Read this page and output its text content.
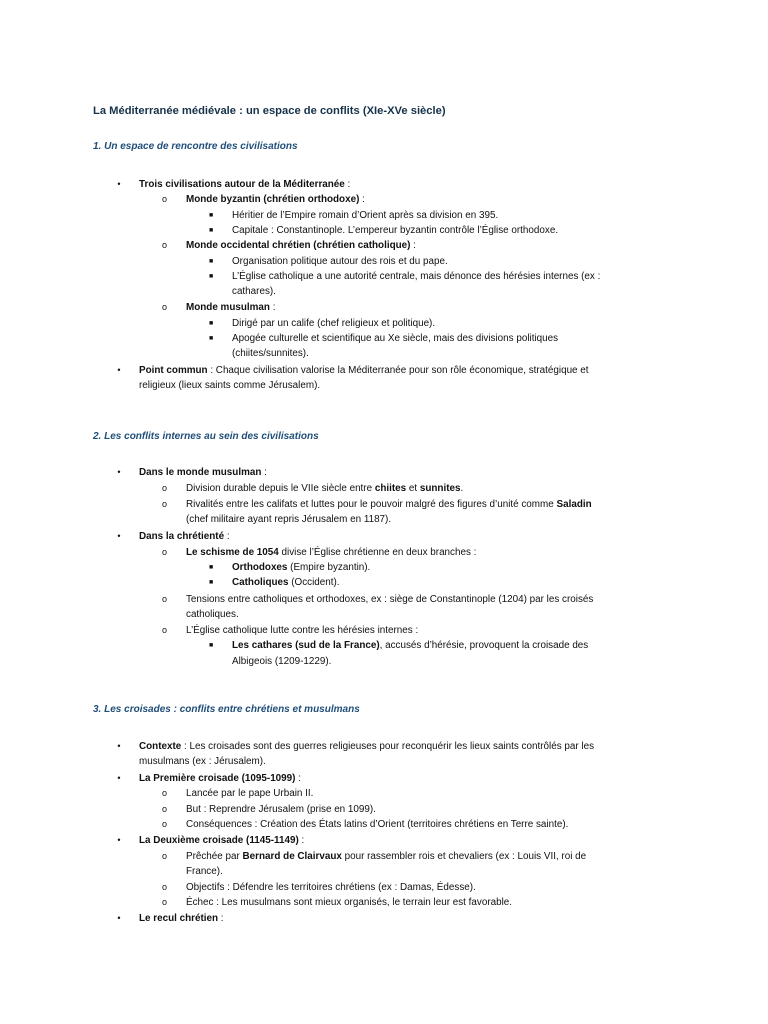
La Méditerranée médiévale : un espace de conflits (XIe-XVe siècle)
1. Un espace de rencontre des civilisations
• Trois civilisations autour de la Méditerranée :
o Monde byzantin (chrétien orthodoxe) :
■ Héritier de l’Empire romain d’Orient après sa division en 395.
■ Capitale : Constantinople. L’empereur byzantin contrôle l’Église orthodoxe.
o Monde occidental chrétien (chrétien catholique) :
■ Organisation politique autour des rois et du pape.
■ L’Église catholique a une autorité centrale, mais dénonce des hérésies internes (ex :
cathares).
o Monde musulman :
■ Dirigé par un calife (chef religieux et politique).
■ Apogée culturelle et scientifique au Xe siècle, mais des divisions politiques
(chiites/sunnites).
• Point commun : Chaque civilisation valorise la Méditerranée pour son rôle économique, stratégique et
religieux (lieux saints comme Jérusalem).
2. Les conflits internes au sein des civilisations
• Dans le monde musulman :
o Division durable depuis le VIIe siècle entre chiites et sunnites.
o Rivalités entre les califats et luttes pour le pouvoir malgré des figures d’unité comme Saladin
(chef militaire ayant repris Jérusalem en 1187).
• Dans la chrétienté :
o Le schisme de 1054 divise l’Église chrétienne en deux branches :
■ Orthodoxes (Empire byzantin).
■ Catholiques (Occident).
o Tensions entre catholiques et orthodoxes, ex : siège de Constantinople (1204) par les croisés
catholiques.
o L’Église catholique lutte contre les hérésies internes :
■ Les cathares (sud de la France), accusés d’hérésie, provoquent la croisade des
Albigeois (1209-1229).
3. Les croisades : conflits entre chrétiens et musulmans
• Contexte : Les croisades sont des guerres religieuses pour reconquérir les lieux saints contrôlés par les
musulmans (ex : Jérusalem).
• La Première croisade (1095-1099) :
o Lancée par le pape Urbain II.
o But : Reprendre Jérusalem (prise en 1099).
o Conséquences : Création des États latins d’Orient (territoires chrétiens en Terre sainte).
• La Deuxième croisade (1145-1149) :
o Prêchée par Bernard de Clairvaux pour rassembler rois et chevaliers (ex : Louis VII, roi de
France).
o Objectifs : Défendre les territoires chrétiens (ex : Damas, Édesse).
o Échec : Les musulmans sont mieux organisés, le terrain leur est favorable.
• Le recul chrétien :
